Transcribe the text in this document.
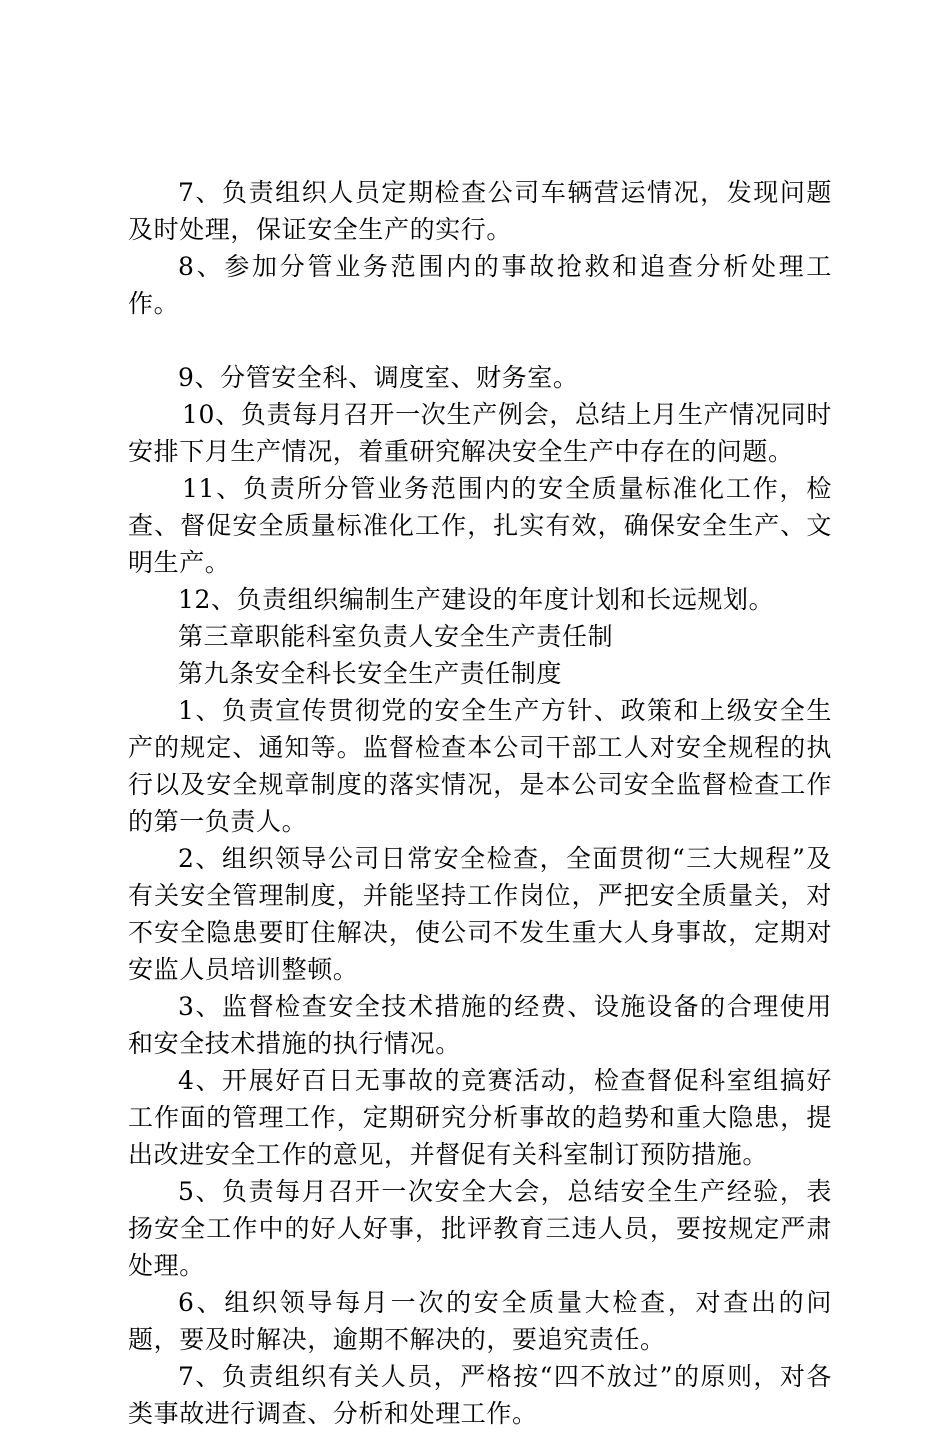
7、负责组织人员定期检查公司车辆营运情况，发现问题及时处理，保证安全生产的实行。

8、参加分管业务范围内的事故抢救和追查分析处理工作。

9、分管安全科、调度室、财务室。

10、负责每月召开一次生产例会，总结上月生产情况同时安排下月生产情况，着重研究解决安全生产中存在的问题。

11、负责所分管业务范围内的安全质量标准化工作，检查、督促安全质量标准化工作，扎实有效，确保安全生产、文明生产。

12、负责组织编制生产建设的年度计划和长远规划。

第三章职能科室负责人安全生产责任制

第九条安全科长安全生产责任制度

1、负责宣传贯彻党的安全生产方针、政策和上级安全生产的规定、通知等。监督检查本公司干部工人对安全规程的执行以及安全规章制度的落实情况，是本公司安全监督检查工作的第一负责人。

2、组织领导公司日常安全检查，全面贯彻“三大规程”及有关安全管理制度，并能坚持工作岗位，严把安全质量关，对不安全隐患要盯住解决，使公司不发生重大人身事故，定期对安监人员培训整顿。

3、监督检查安全技术措施的经费、设施设备的合理使用和安全技术措施的执行情况。

4、开展好百日无事故的竞赛活动，检查督促科室组搞好工作面的管理工作，定期研究分析事故的趋势和重大隐患，提出改进安全工作的意见，并督促有关科室制订预防措施。

5、负责每月召开一次安全大会，总结安全生产经验，表扬安全工作中的好人好事，批评教育三违人员，要按规定严肃处理。

6、组织领导每月一次的安全质量大检查，对查出的问题，要及时解决，逾期不解决的，要追究责任。

7、负责组织有关人员，严格按“四不放过”的原则，对各类事故进行调查、分析和处理工作。
